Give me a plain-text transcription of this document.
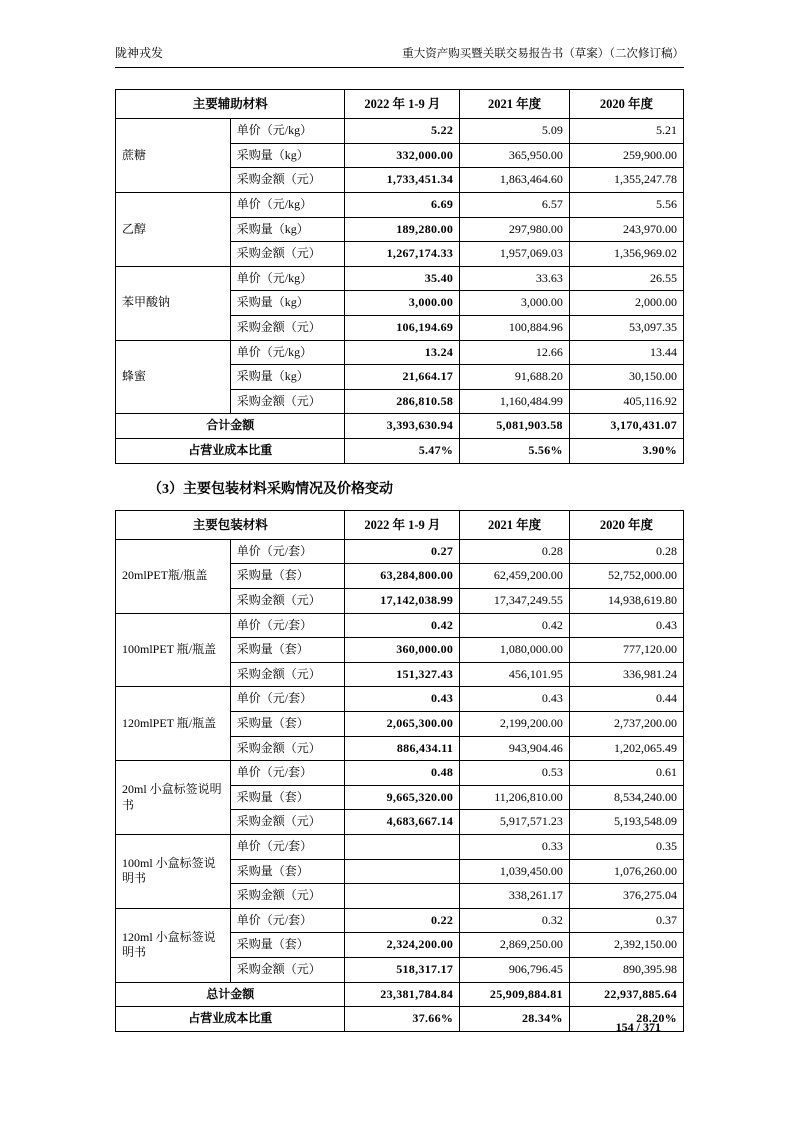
陇神戎发	重大资产购买暨关联交易报告书（草案）（二次修订稿）
主要辅助材料		2022 年 1-9 月	2021 年度	2020 年度
蔗糖	单价（元/kg）	5.22	5.09	5.21
	采购量（kg）	332,000.00	365,950.00	259,900.00
	采购金额（元）	1,733,451.34	1,863,464.60	1,355,247.78
乙醇	单价（元/kg）	6.69	6.57	5.56
	采购量（kg）	189,280.00	297,980.00	243,970.00
	采购金额（元）	1,267,174.33	1,957,069.03	1,356,969.02
苯甲酸钠	单价（元/kg）	35.40	33.63	26.55
	采购量（kg）	3,000.00	3,000.00	2,000.00
	采购金额（元）	106,194.69	100,884.96	53,097.35
蜂蜜	单价（元/kg）	13.24	12.66	13.44
	采购量（kg）	21,664.17	91,688.20	30,150.00
	采购金额（元）	286,810.58	1,160,484.99	405,116.92
合计金额		3,393,630.94	5,081,903.58	3,170,431.07
占营业成本比重		5.47%	5.56%	3.90%
（3）主要包装材料采购情况及价格变动
主要包装材料		2022 年 1-9 月	2021 年度	2020 年度
20mlPET瓶/瓶盖	单价（元/套）	0.27	0.28	0.28
	采购量（套）	63,284,800.00	62,459,200.00	52,752,000.00
	采购金额（元）	17,142,038.99	17,347,249.55	14,938,619.80
100mlPET 瓶/瓶盖	单价（元/套）	0.42	0.42	0.43
	采购量（套）	360,000.00	1,080,000.00	777,120.00
	采购金额（元）	151,327.43	456,101.95	336,981.24
120mlPET 瓶/瓶盖	单价（元/套）	0.43	0.43	0.44
	采购量（套）	2,065,300.00	2,199,200.00	2,737,200.00
	采购金额（元）	886,434.11	943,904.46	1,202,065.49
20ml 小盒标签说明书	单价（元/套）	0.48	0.53	0.61
	采购量（套）	9,665,320.00	11,206,810.00	8,534,240.00
	采购金额（元）	4,683,667.14	5,917,571.23	5,193,548.09
100ml 小盒标签说明书	单价（元/套）		0.33	0.35
	采购量（套）		1,039,450.00	1,076,260.00
	采购金额（元）		338,261.17	376,275.04
120ml 小盒标签说明书	单价（元/套）	0.22	0.32	0.37
	采购量（套）	2,324,200.00	2,869,250.00	2,392,150.00
	采购金额（元）	518,317.17	906,796.45	890,395.98
总计金额		23,381,784.84	25,909,884.81	22,937,885.64
占营业成本比重		37.66%	28.34%	28.20%
154 / 371
